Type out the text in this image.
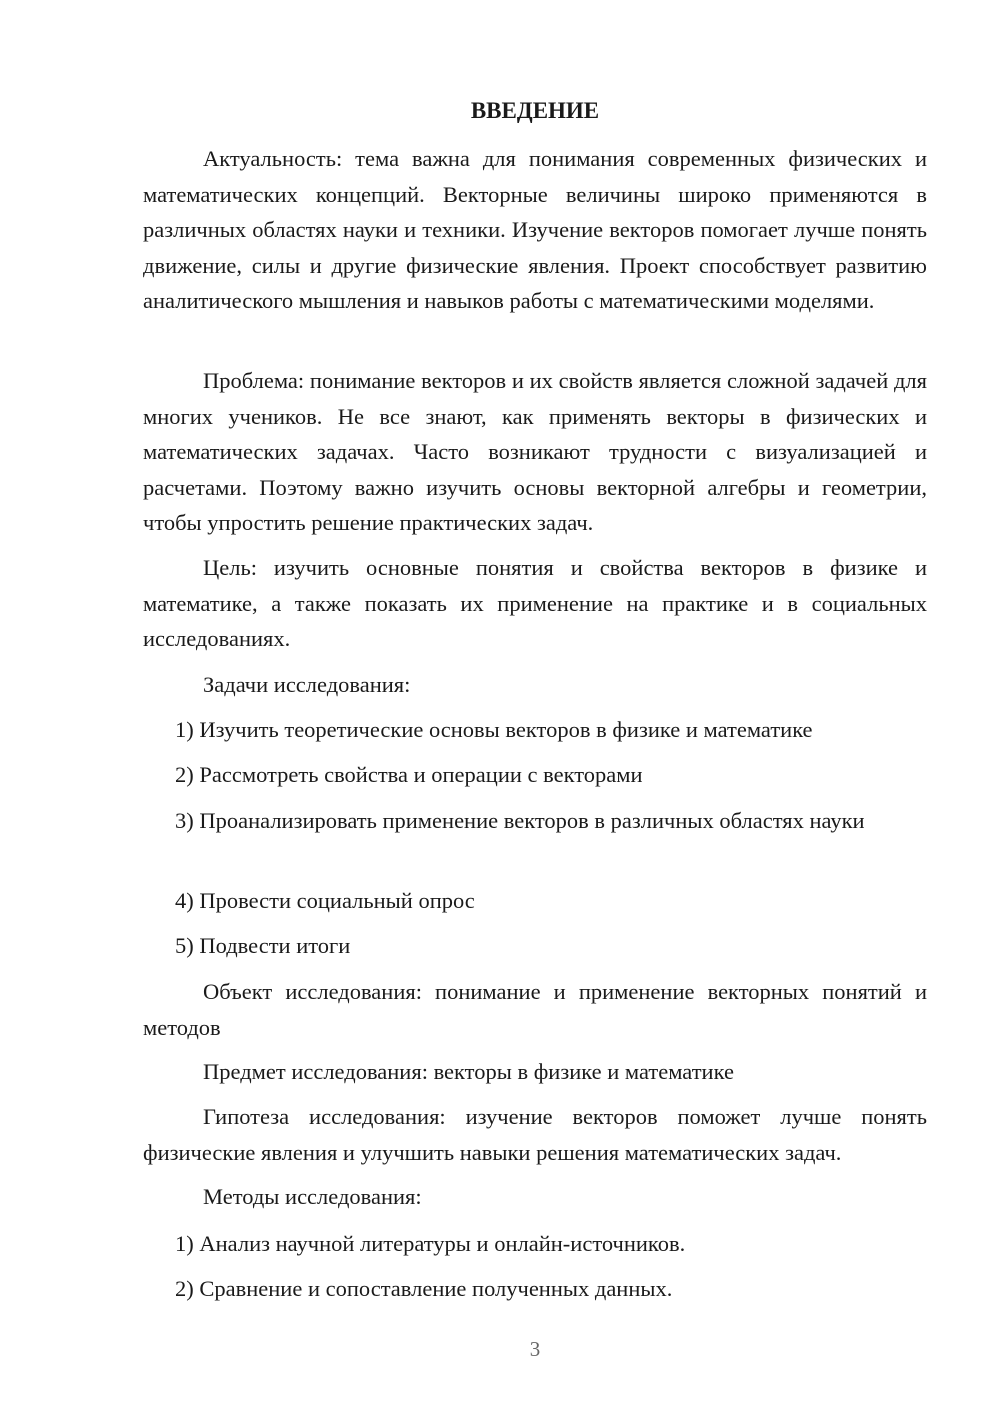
ВВЕДЕНИЕ

Актуальность: тема важна для понимания современных физических и математических концепций. Векторные величины широко применяются в различных областях науки и техники. Изучение векторов помогает лучше понять движение, силы и другие физические явления. Проект способствует развитию аналитического мышления и навыков работы с математическими моделями.

Проблема: понимание векторов и их свойств является сложной задачей для многих учеников. Не все знают, как применять векторы в физических и математических задачах. Часто возникают трудности с визуализацией и расчетами. Поэтому важно изучить основы векторной алгебры и геометрии, чтобы упростить решение практических задач.

Цель: изучить основные понятия и свойства векторов в физике и математике, а также показать их применение на практике и в социальных исследованиях.

Задачи исследования:

1) Изучить теоретические основы векторов в физике и математике

2) Рассмотреть свойства и операции с векторами

3) Проанализировать применение векторов в различных областях науки

4) Провести социальный опрос

5) Подвести итоги

Объект исследования: понимание и применение векторных понятий и методов

Предмет исследования: векторы в физике и математике

Гипотеза исследования: изучение векторов поможет лучше понять физические явления и улучшить навыки решения математических задач.

Методы исследования:

1) Анализ научной литературы и онлайн-источников.

2) Сравнение и сопоставление полученных данных.

3
